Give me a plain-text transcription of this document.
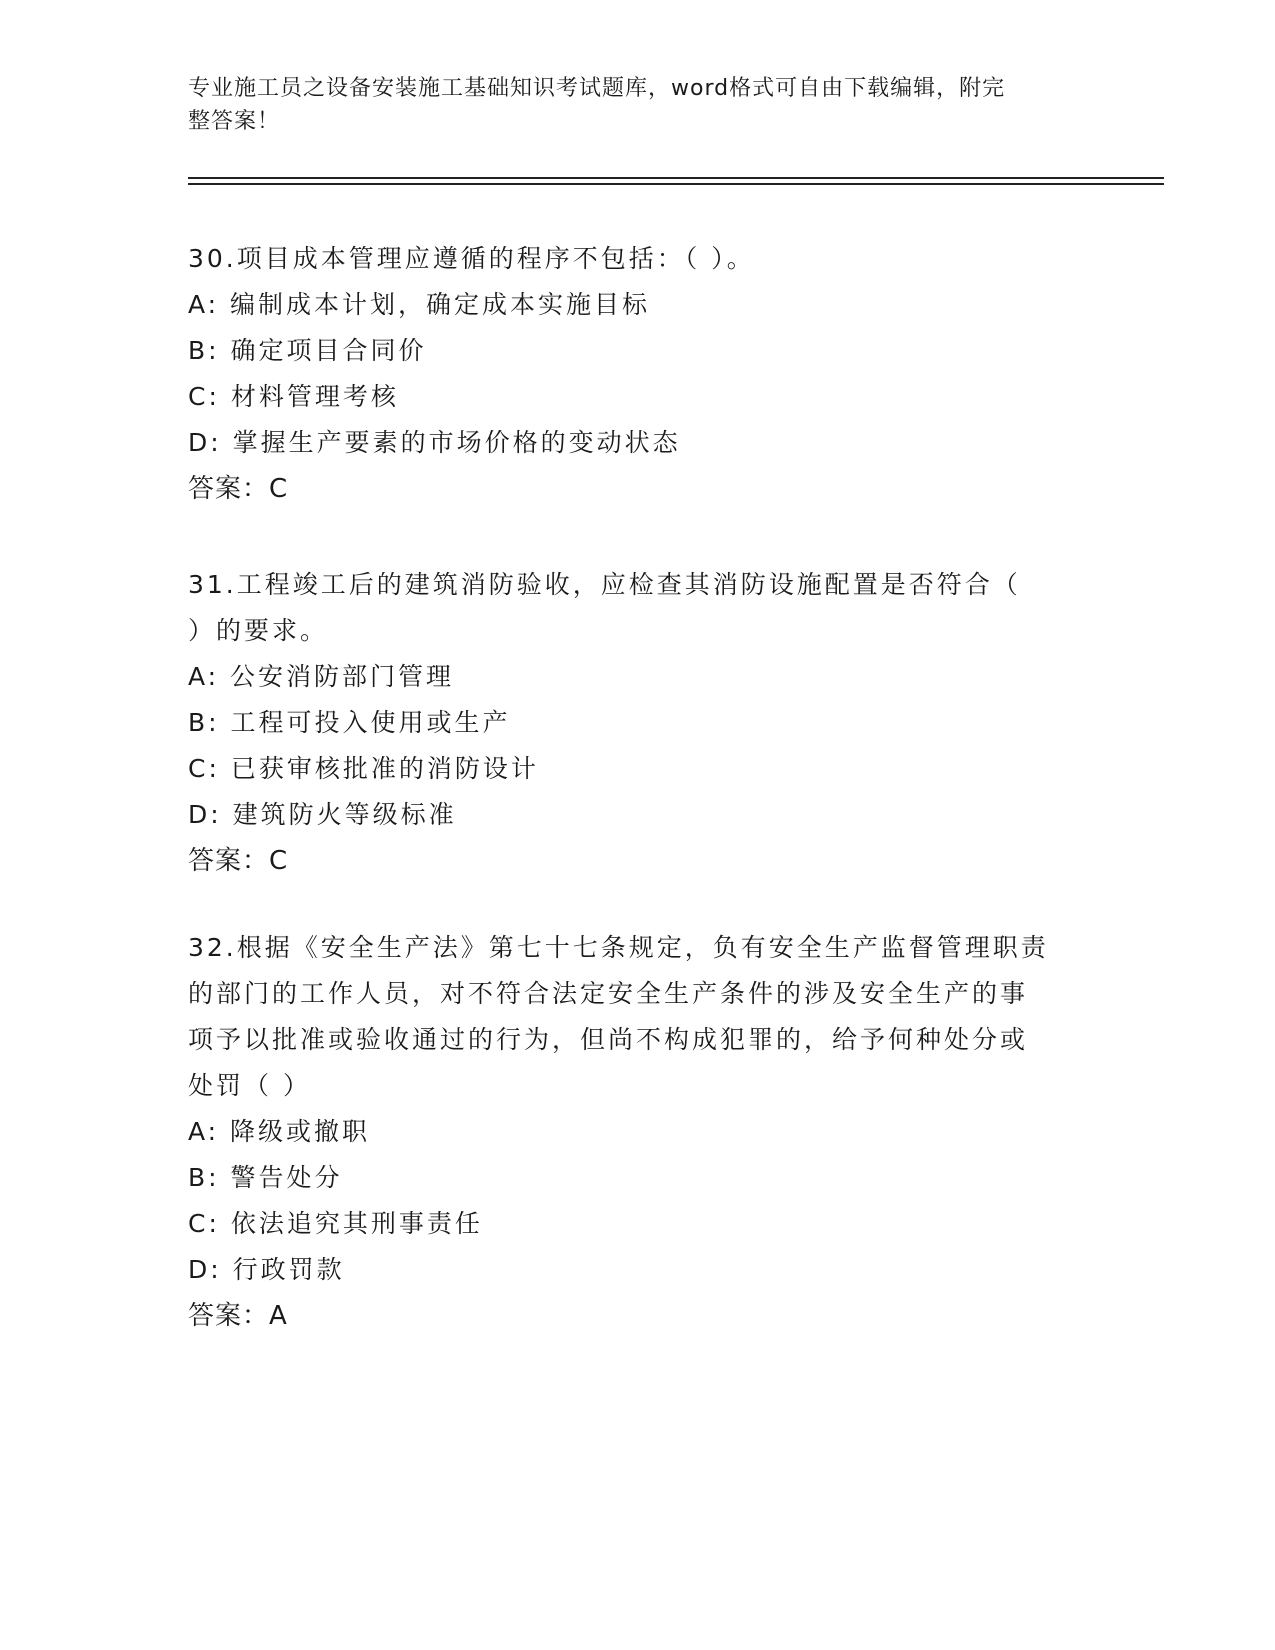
专业施工员之设备安装施工基础知识考试题库，word格式可自由下载编辑，附完
整答案！
30.项目成本管理应遵循的程序不包括：（ ）。
A: 编制成本计划，确定成本实施目标
B: 确定项目合同价
C: 材料管理考核
D: 掌握生产要素的市场价格的变动状态
答案：C
31.工程竣工后的建筑消防验收，应检查其消防设施配置是否符合（
）的要求。
A: 公安消防部门管理
B: 工程可投入使用或生产
C: 已获审核批准的消防设计
D: 建筑防火等级标准
答案：C
32.根据《安全生产法》第七十七条规定，负有安全生产监督管理职责
的部门的工作人员，对不符合法定安全生产条件的涉及安全生产的事
项予以批准或验收通过的行为，但尚不构成犯罪的，给予何种处分或
处罚（ ）
A: 降级或撤职
B: 警告处分
C: 依法追究其刑事责任
D: 行政罚款
答案：A
